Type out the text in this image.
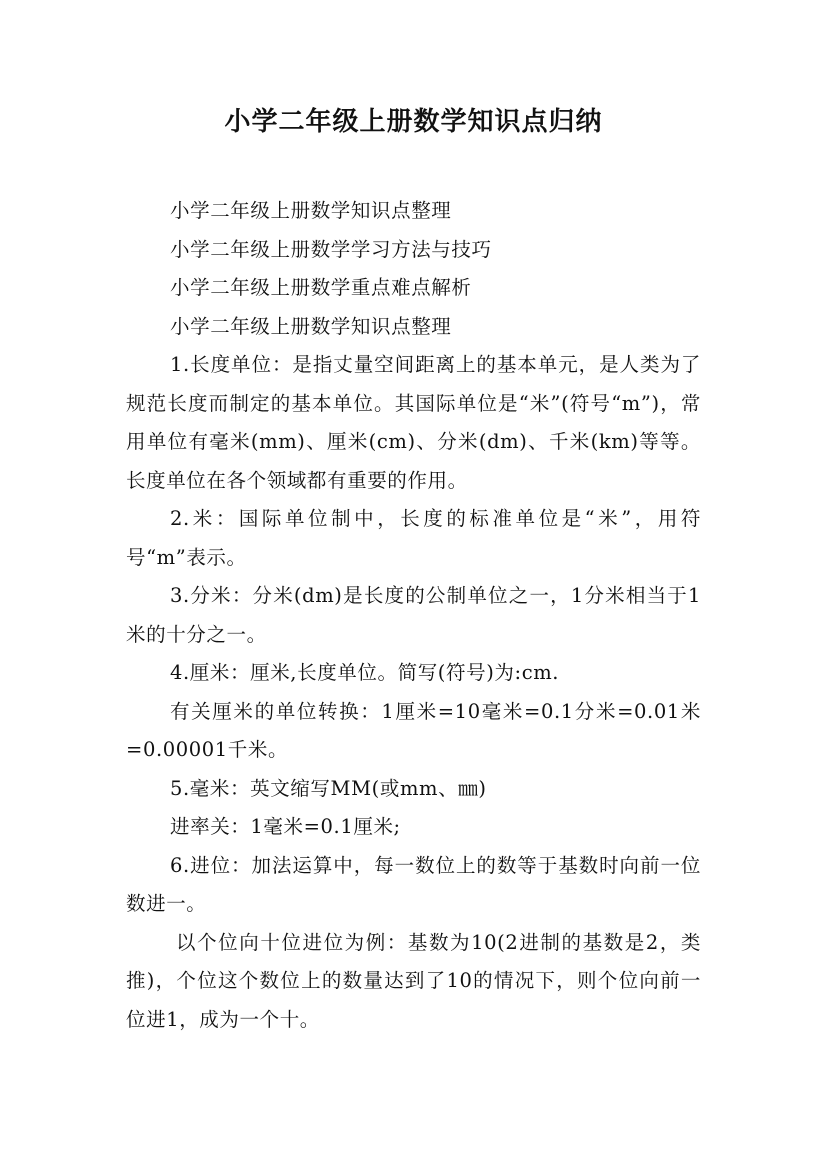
小学二年级上册数学知识点归纳

小学二年级上册数学知识点整理

小学二年级上册数学学习方法与技巧

小学二年级上册数学重点难点解析

小学二年级上册数学知识点整理

1.长度单位：是指丈量空间距离上的基本单元，是人类为了规范长度而制定的基本单位。其国际单位是“米”(符号“m”)，常用单位有毫米(mm)、厘米(cm)、分米(dm)、千米(km)等等。长度单位在各个领域都有重要的作用。

2.米：国际单位制中，长度的标准单位是“米”，用符号“m”表示。

3.分米：分米(dm)是长度的公制单位之一，1分米相当于1米的十分之一。

4.厘米：厘米,长度单位。简写(符号)为:cm.

有关厘米的单位转换：1厘米=10毫米=0.1分米=0.01米=0.00001千米。

5.毫米：英文缩写MM(或mm、㎜)

进率关：1毫米=0.1厘米;

6.进位：加法运算中，每一数位上的数等于基数时向前一位数进一。

以个位向十位进位为例：基数为10(2进制的基数是2，类推)，个位这个数位上的数量达到了10的情况下，则个位向前一位进1，成为一个十。
